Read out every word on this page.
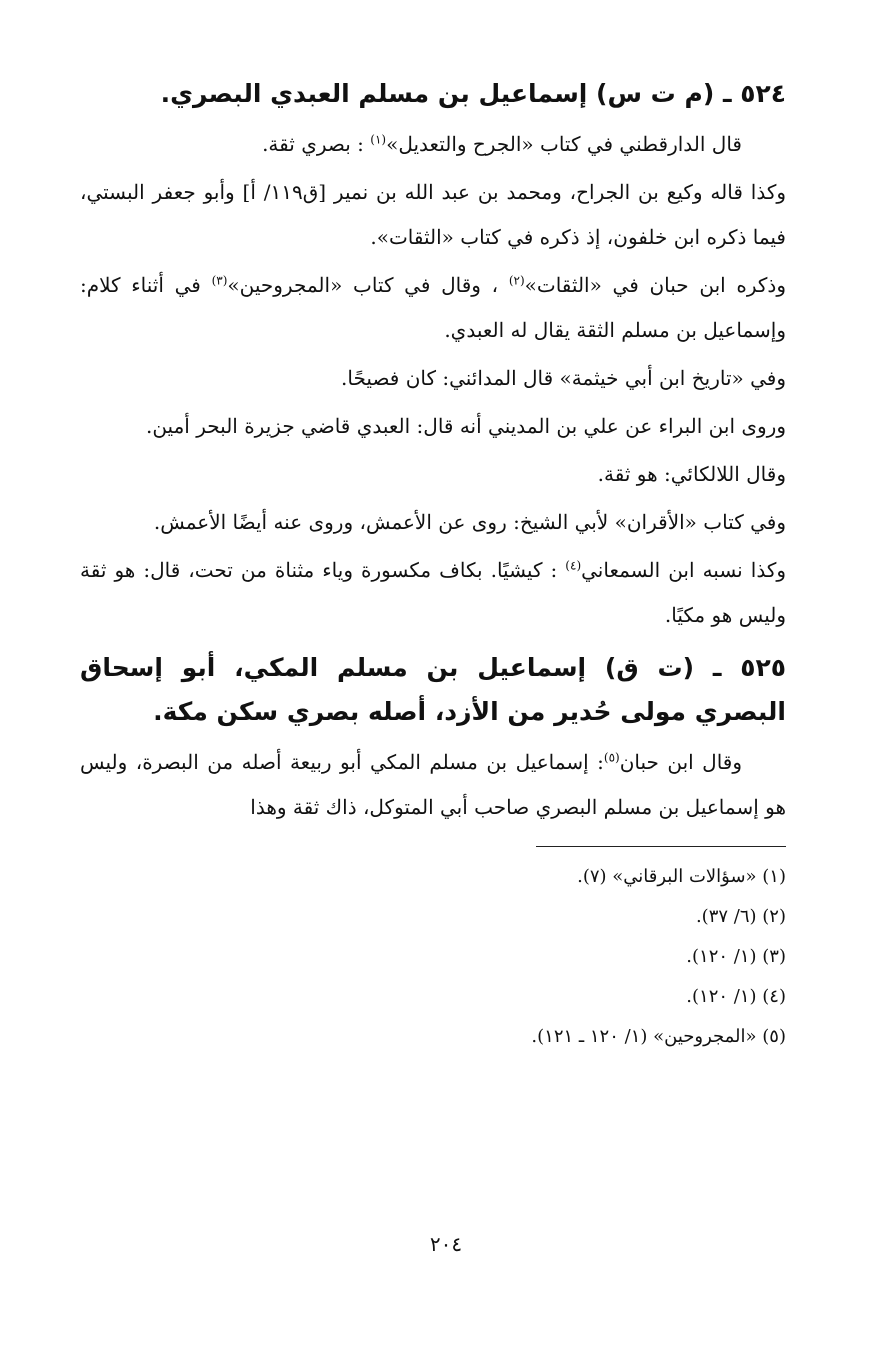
٥٢٤ ـ (م ت س) إسماعيل بن مسلم العبدي البصري.

قال الدارقطني في كتاب «الجرح والتعديل»$^{(١)}$ : بصري ثقة.

وكذا قاله وكيع بن الجراح، ومحمد بن عبد الله بن نمير [ق١١٩/ أ] وأبو جعفر البستي، فيما ذكره ابن خلفون، إذ ذكره في كتاب «الثقات».

وذكره ابن حبان في «الثقات»$^{(٢)}$ ، وقال في كتاب «المجروحين»$^{(٣)}$ في أثناء كلام: وإسماعيل بن مسلم الثقة يقال له العبدي.

وفي «تاريخ ابن أبي خيثمة» قال المدائني: كان فصيحًا.

وروى ابن البراء عن علي بن المديني أنه قال: العبدي قاضي جزيرة البحر أمين.

وقال اللالكائي: هو ثقة.

وفي كتاب «الأقران» لأبي الشيخ: روى عن الأعمش، وروى عنه أيضًا الأعمش.

وكذا نسبه ابن السمعاني$^{(٤)}$ : كيشيًا. بكاف مكسورة وياء مثناة من تحت، قال: هو ثقة وليس هو مكيًا.

٥٢٥ ـ (ت ق) إسماعيل بن مسلم المكي، أبو إسحاق البصري مولى حُدير من الأزد، أصله بصري سكن مكة.

وقال ابن حبان$^{(٥)}$: إسماعيل بن مسلم المكي أبو ربيعة أصله من البصرة، وليس هو إسماعيل بن مسلم البصري صاحب أبي المتوكل، ذاك ثقة وهذا

(١) «سؤالات البرقاني» (٧).

(٢) (٦/ ٣٧).

(٣) (١/ ١٢٠).

(٤) (١/ ١٢٠).

(٥) «المجروحين» (١/ ١٢٠ ـ ١٢١).

٢٠٤
